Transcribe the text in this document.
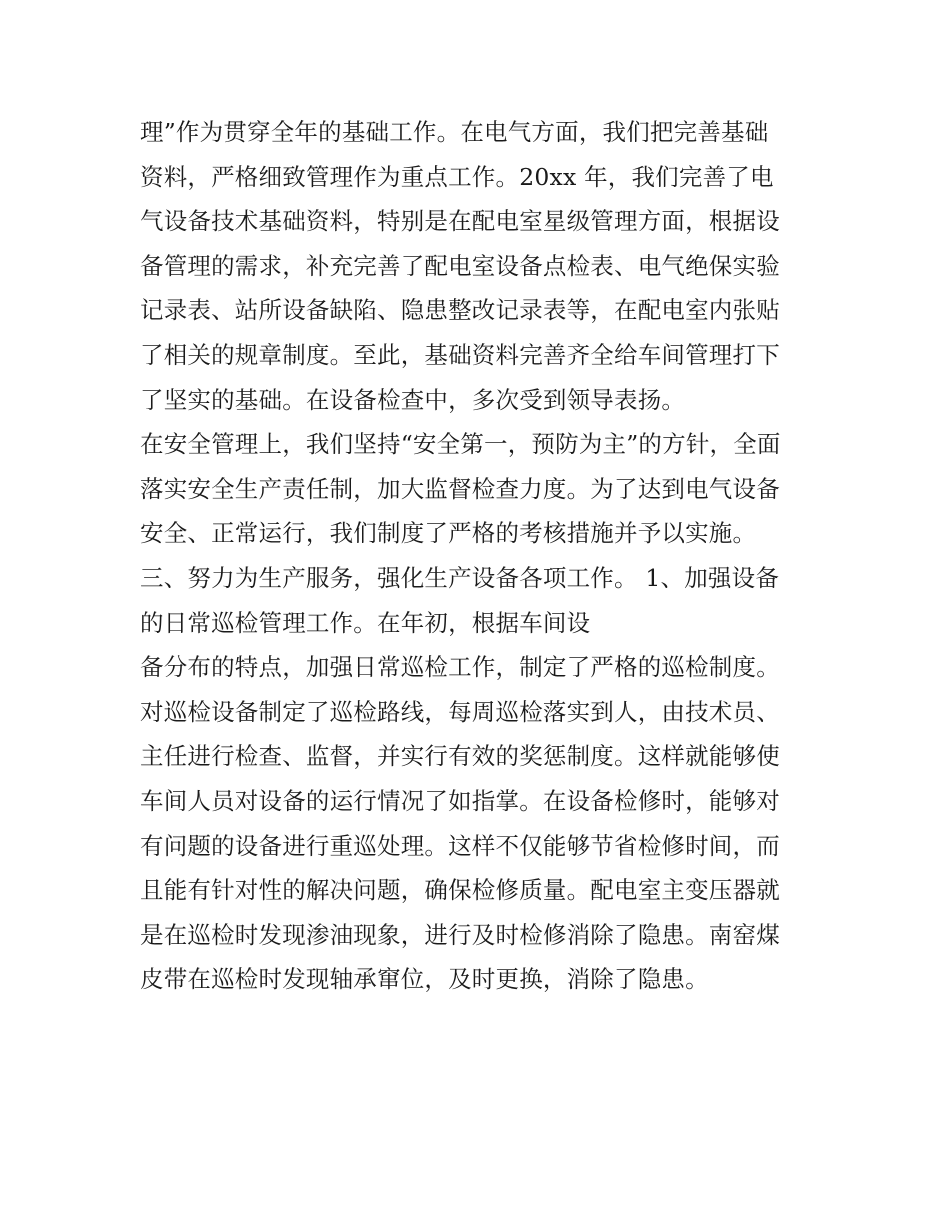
理”作为贯穿全年的基础工作。在电气方面，我们把完善基础
资料，严格细致管理作为重点工作。20xx 年，我们完善了电
气设备技术基础资料，特别是在配电室星级管理方面，根据设
备管理的需求，补充完善了配电室设备点检表、电气绝保实验
记录表、站所设备缺陷、隐患整改记录表等，在配电室内张贴
了相关的规章制度。至此，基础资料完善齐全给车间管理打下
了坚实的基础。在设备检查中，多次受到领导表扬。
在安全管理上，我们坚持“安全第一，预防为主”的方针，全面
落实安全生产责任制，加大监督检查力度。为了达到电气设备
安全、正常运行，我们制度了严格的考核措施并予以实施。
三、努力为生产服务，强化生产设备各项工作。 1、加强设备
的日常巡检管理工作。在年初，根据车间设
备分布的特点，加强日常巡检工作，制定了严格的巡检制度。
对巡检设备制定了巡检路线，每周巡检落实到人，由技术员、
主任进行检查、监督，并实行有效的奖惩制度。这样就能够使
车间人员对设备的运行情况了如指掌。在设备检修时，能够对
有问题的设备进行重巡处理。这样不仅能够节省检修时间，而
且能有针对性的解决问题，确保检修质量。配电室主变压器就
是在巡检时发现渗油现象，进行及时检修消除了隐患。南窑煤
皮带在巡检时发现轴承窜位，及时更换，消除了隐患。
